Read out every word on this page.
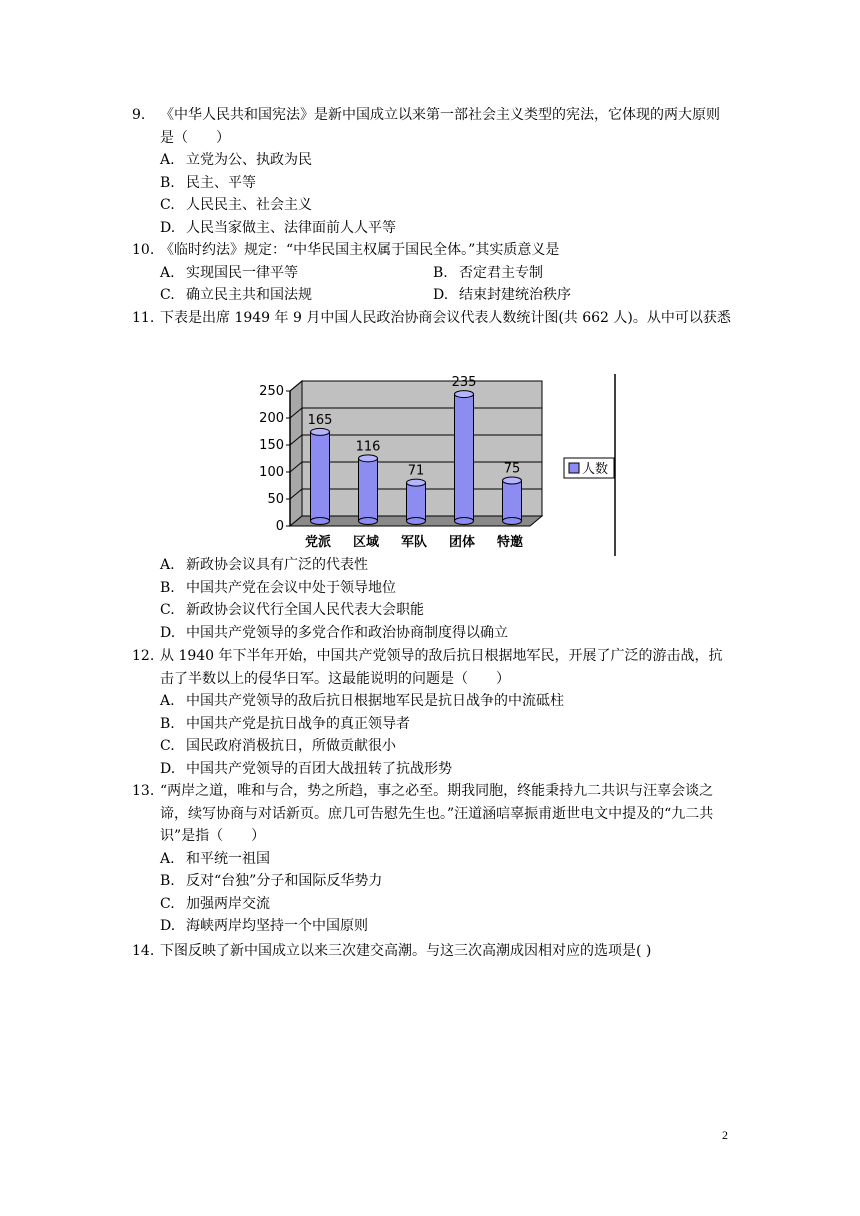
9. 《中华人民共和国宪法》是新中国成立以来第一部社会主义类型的宪法，它体现的两大原则是（　　）
A. 立党为公、执政为民
B. 民主、平等
C. 人民民主、社会主义
D. 人民当家做主、法律面前人人平等
10. 《临时约法》规定：“中华民国主权属于国民全体。”其实质意义是
A. 实现国民一律平等	B. 否定君主专制
C. 确立民主共和国法规	D. 结束封建统治秩序
11. 下表是出席 1949 年 9 月中国人民政治协商会议代表人数统计图(共 662 人)。从中可以获悉
0
50
100
150
200
250
165
党派
116
区域
71
军队
235
团体
75
特邀
人数
A. 新政协会议具有广泛的代表性
B. 中国共产党在会议中处于领导地位
C. 新政协会议代行全国人民代表大会职能
D. 中国共产党领导的多党合作和政治协商制度得以确立
12. 从 1940 年下半年开始，中国共产党领导的敌后抗日根据地军民，开展了广泛的游击战，抗击了半数以上的侵华日军。这最能说明的问题是（　　）
A. 中国共产党领导的敌后抗日根据地军民是抗日战争的中流砥柱
B. 中国共产党是抗日战争的真正领导者
C. 国民政府消极抗日，所做贡献很小
D. 中国共产党领导的百团大战扭转了抗战形势
13. “两岸之道，唯和与合，势之所趋，事之必至。期我同胞，终能秉持九二共识与汪辜会谈之谛，续写协商与对话新页。庶几可告慰先生也。”汪道涵唁辜振甫逝世电文中提及的“九二共识”是指（　　）
A. 和平统一祖国
B. 反对“台独”分子和国际反华势力
C. 加强两岸交流
D. 海峡两岸均坚持一个中国原则
14. 下图反映了新中国成立以来三次建交高潮。与这三次高潮成因相对应的选项是( )
2
